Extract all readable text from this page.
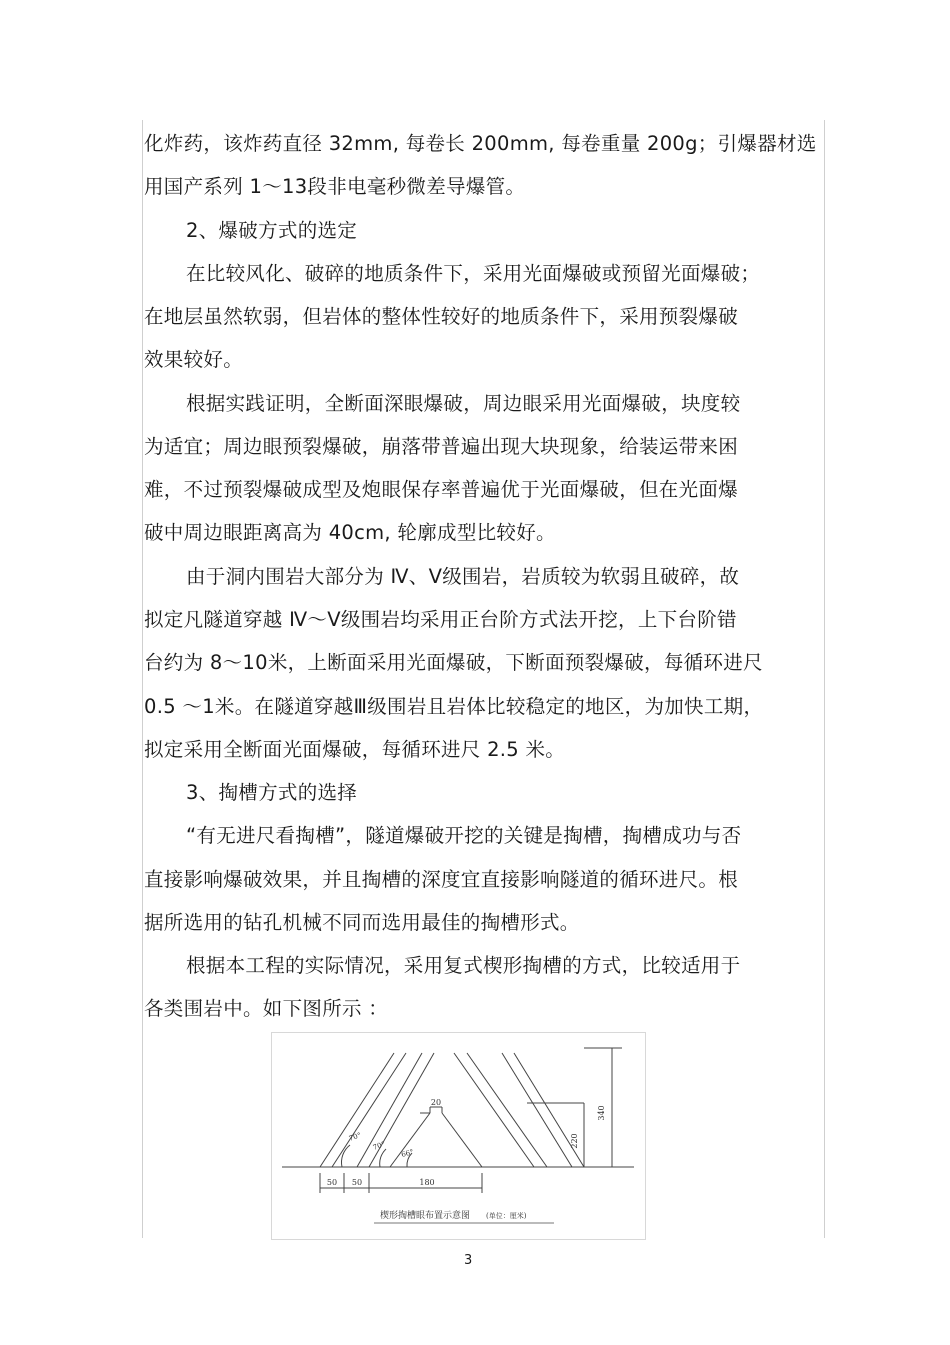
化炸药，该炸药直径 32mm, 每卷长 200mm, 每卷重量 200g；引爆器材选
用国产系列 1～13段非电毫秒微差导爆管。
2、爆破方式的选定
在比较风化、破碎的地质条件下，采用光面爆破或预留光面爆破；
在地层虽然软弱，但岩体的整体性较好的地质条件下，采用预裂爆破
效果较好。
根据实践证明，全断面深眼爆破，周边眼采用光面爆破，块度较
为适宜；周边眼预裂爆破，崩落带普遍出现大块现象，给装运带来困
难，不过预裂爆破成型及炮眼保存率普遍优于光面爆破，但在光面爆
破中周边眼距离高为 40cm, 轮廓成型比较好。
由于洞内围岩大部分为 Ⅳ、Ⅴ级围岩，岩质较为软弱且破碎，故
拟定凡隧道穿越 Ⅳ～Ⅴ级围岩均采用正台阶方式法开挖，上下台阶错
台约为 8～10米，上断面采用光面爆破，下断面预裂爆破，每循环进尺
0.5 ～1米。在隧道穿越Ⅲ级围岩且岩体比较稳定的地区，为加快工期，
拟定采用全断面光面爆破，每循环进尺 2.5 米。
3、掏槽方式的选择
“有无进尺看掏槽”，隧道爆破开挖的关键是掏槽，掏槽成功与否
直接影响爆破效果，并且掏槽的深度宜直接影响隧道的循环进尺。根
据所选用的钻孔机械不同而选用最佳的掏槽形式。
根据本工程的实际情况，采用复式楔形掏槽的方式，比较适用于
各类围岩中。如下图所示 ：
20
340
220
50 50	180
70°
70°
66°
楔形掏槽眼布置示意图 (单位：厘米)
3
